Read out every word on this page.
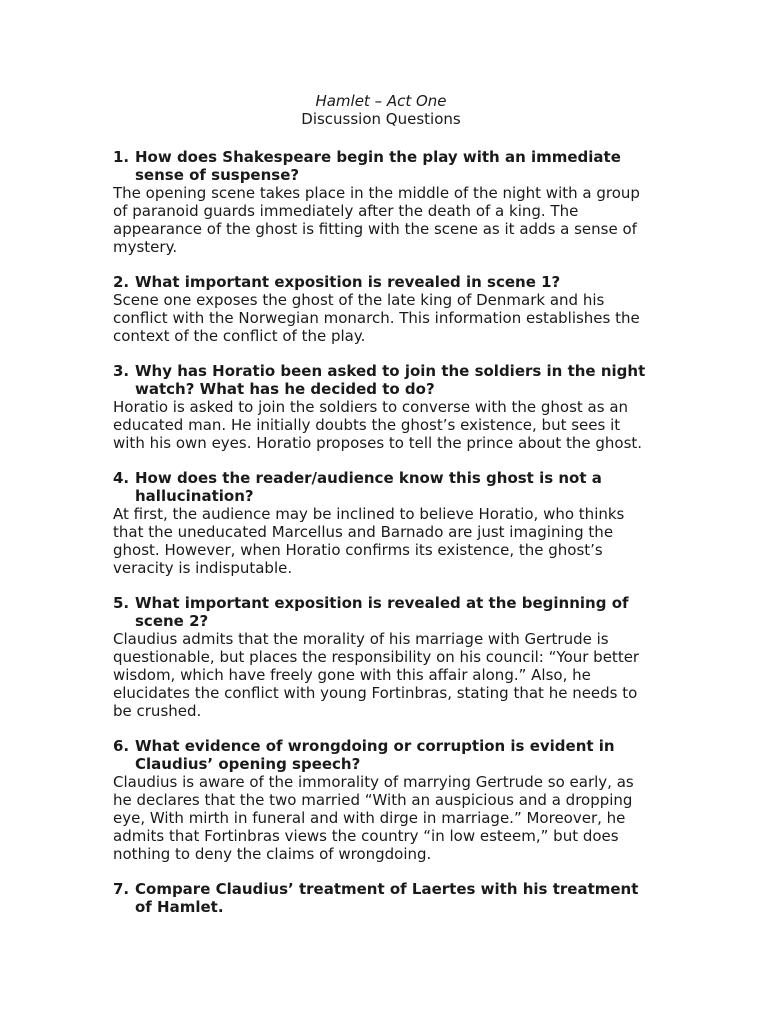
Hamlet – Act One
Discussion Questions
1. How does Shakespeare begin the play with an immediate sense of suspense?
The opening scene takes place in the middle of the night with a group of paranoid guards immediately after the death of a king. The appearance of the ghost is fitting with the scene as it adds a sense of mystery.
2. What important exposition is revealed in scene 1?
Scene one exposes the ghost of the late king of Denmark and his conflict with the Norwegian monarch. This information establishes the context of the conflict of the play.
3. Why has Horatio been asked to join the soldiers in the night watch? What has he decided to do?
Horatio is asked to join the soldiers to converse with the ghost as an educated man. He initially doubts the ghost’s existence, but sees it with his own eyes. Horatio proposes to tell the prince about the ghost.
4. How does the reader/audience know this ghost is not a hallucination?
At first, the audience may be inclined to believe Horatio, who thinks that the uneducated Marcellus and Barnado are just imagining the ghost. However, when Horatio confirms its existence, the ghost’s veracity is indisputable.
5. What important exposition is revealed at the beginning of scene 2?
Claudius admits that the morality of his marriage with Gertrude is questionable, but places the responsibility on his council: “Your better wisdom, which have freely gone with this affair along.” Also, he elucidates the conflict with young Fortinbras, stating that he needs to be crushed.
6. What evidence of wrongdoing or corruption is evident in Claudius’ opening speech?
Claudius is aware of the immorality of marrying Gertrude so early, as he declares that the two married “With an auspicious and a dropping eye, With mirth in funeral and with dirge in marriage.” Moreover, he admits that Fortinbras views the country “in low esteem,” but does nothing to deny the claims of wrongdoing.
7. Compare Claudius’ treatment of Laertes with his treatment of Hamlet.
